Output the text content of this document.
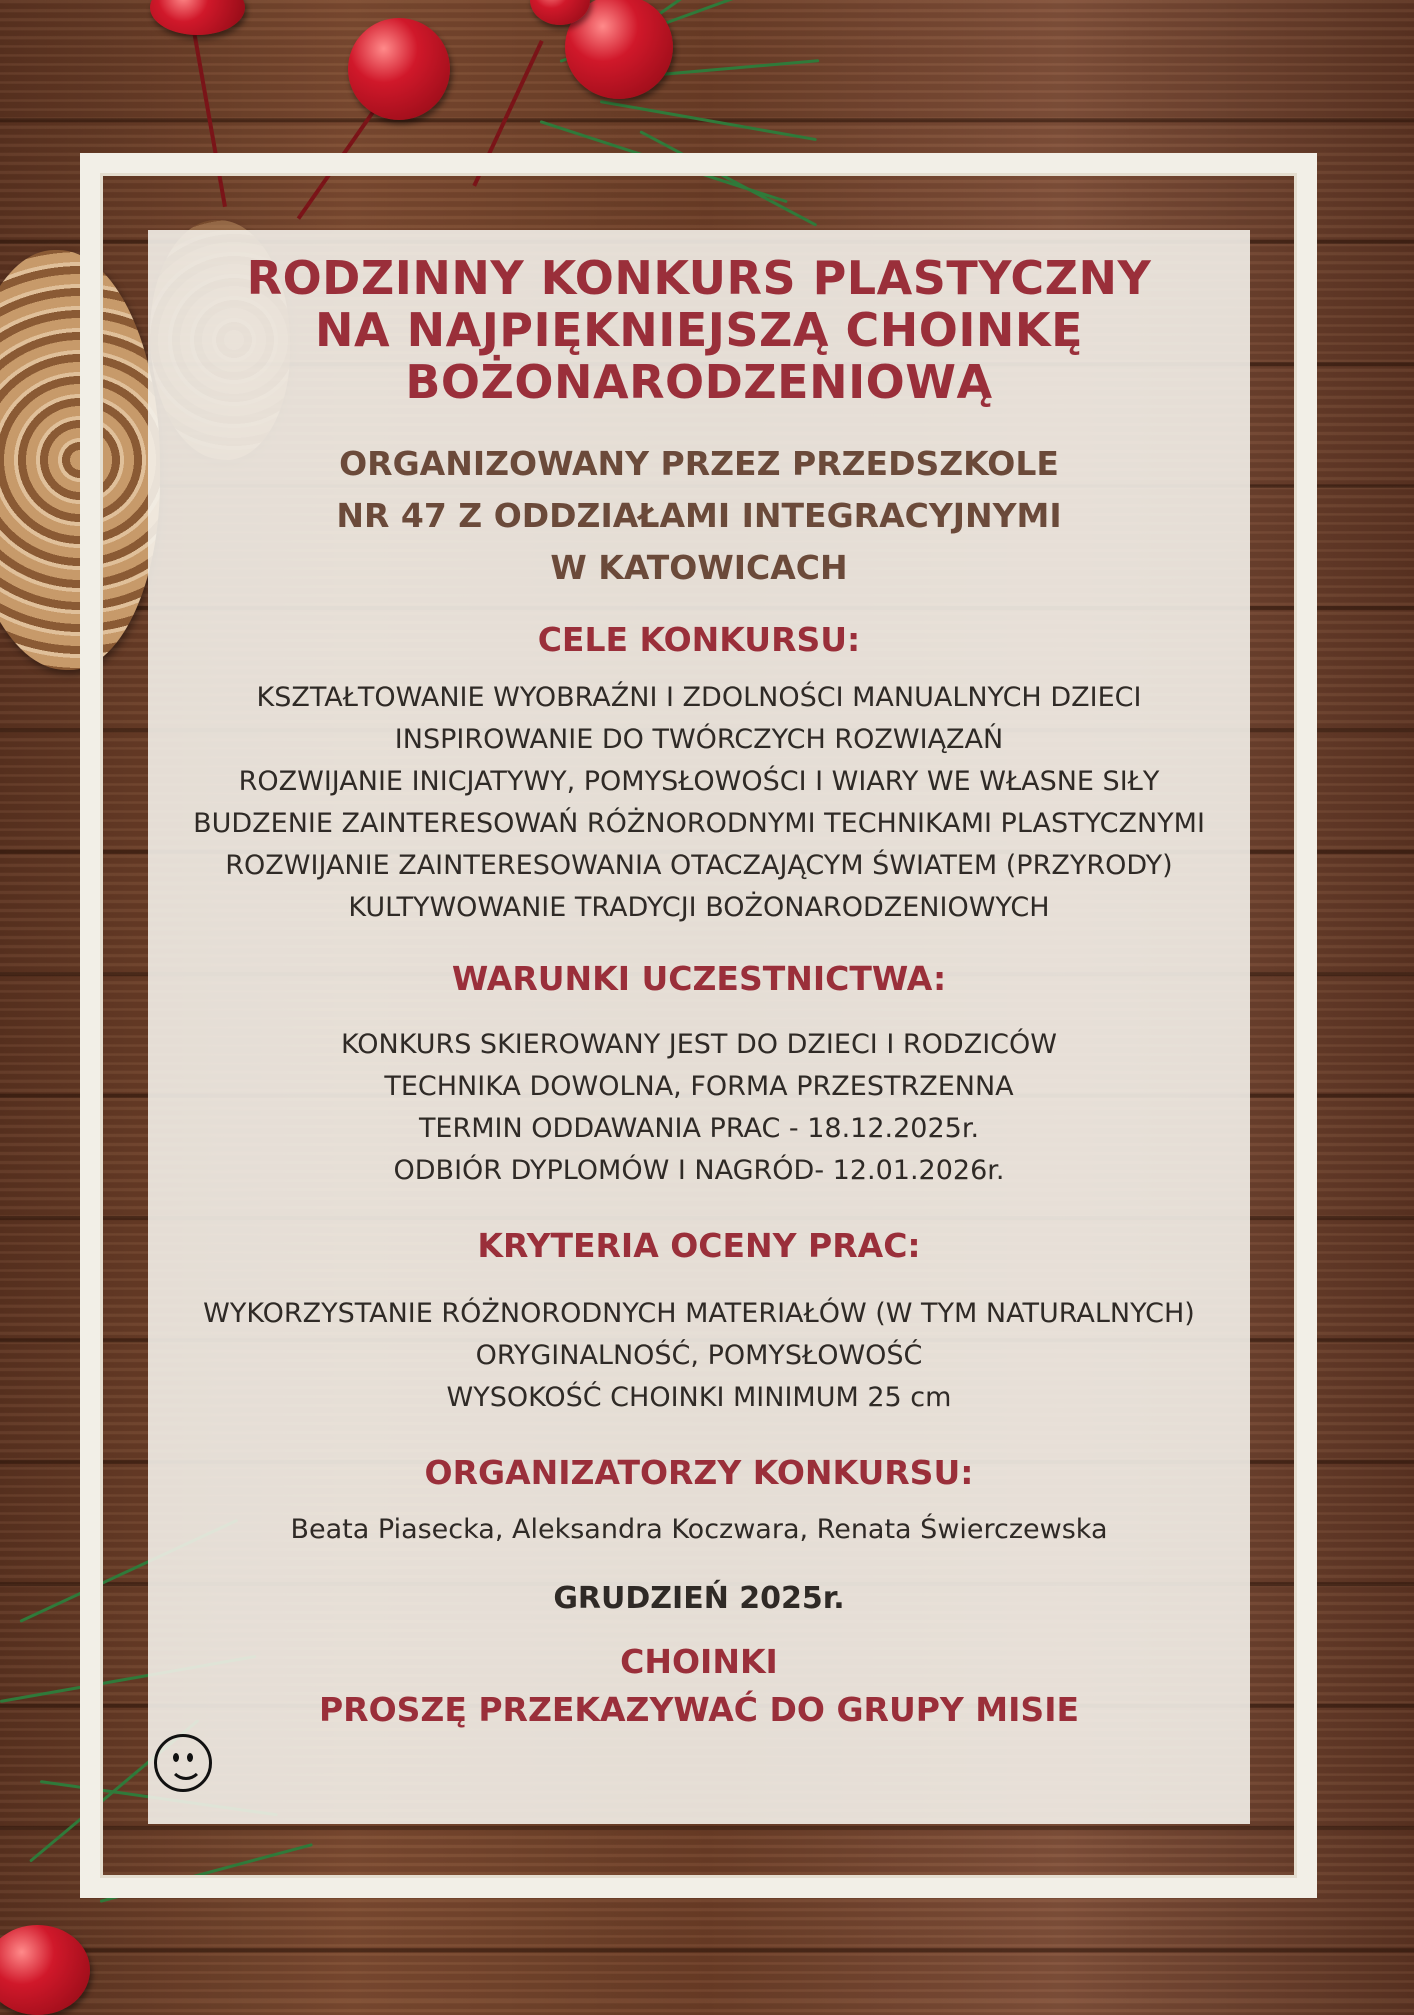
RODZINNY KONKURS PLASTYCZNY
NA NAJPIĘKNIEJSZĄ CHOINKĘ
BOŻONARODZENIOWĄ
ORGANIZOWANY PRZEZ PRZEDSZKOLE
NR 47 Z ODDZIAŁAMI INTEGRACYJNYMI
W KATOWICACH
CELE KONKURSU:
KSZTAŁTOWANIE WYOBRAŹNI I ZDOLNOŚCI MANUALNYCH DZIECI
INSPIROWANIE DO TWÓRCZYCH ROZWIĄZAŃ
ROZWIJANIE INICJATYWY, POMYSŁOWOŚCI I WIARY WE WŁASNE SIŁY
BUDZENIE ZAINTERESOWAŃ RÓŻNORODNYMI TECHNIKAMI PLASTYCZNYMI
ROZWIJANIE ZAINTERESOWANIA OTACZAJĄCYM ŚWIATEM (PRZYRODY)
KULTYWOWANIE TRADYCJI BOŻONARODZENIOWYCH
WARUNKI UCZESTNICTWA:
KONKURS SKIEROWANY JEST DO DZIECI I RODZICÓW
TECHNIKA DOWOLNA, FORMA PRZESTRZENNA
TERMIN ODDAWANIA PRAC - 18.12.2025r.
ODBIÓR DYPLOMÓW I NAGRÓD- 12.01.2026r.
KRYTERIA OCENY PRAC:
WYKORZYSTANIE RÓŻNORODNYCH MATERIAŁÓW (W TYM NATURALNYCH)
ORYGINALNOŚĆ, POMYSŁOWOŚĆ
WYSOKOŚĆ CHOINKI MINIMUM 25 cm
ORGANIZATORZY KONKURSU:

Beata Piasecka, Aleksandra Koczwara, Renata Świerczewska

GRUDZIEŃ 2025r.

CHOINKI
PROSZĘ PRZEKAZYWAĆ DO GRUPY MISIE
